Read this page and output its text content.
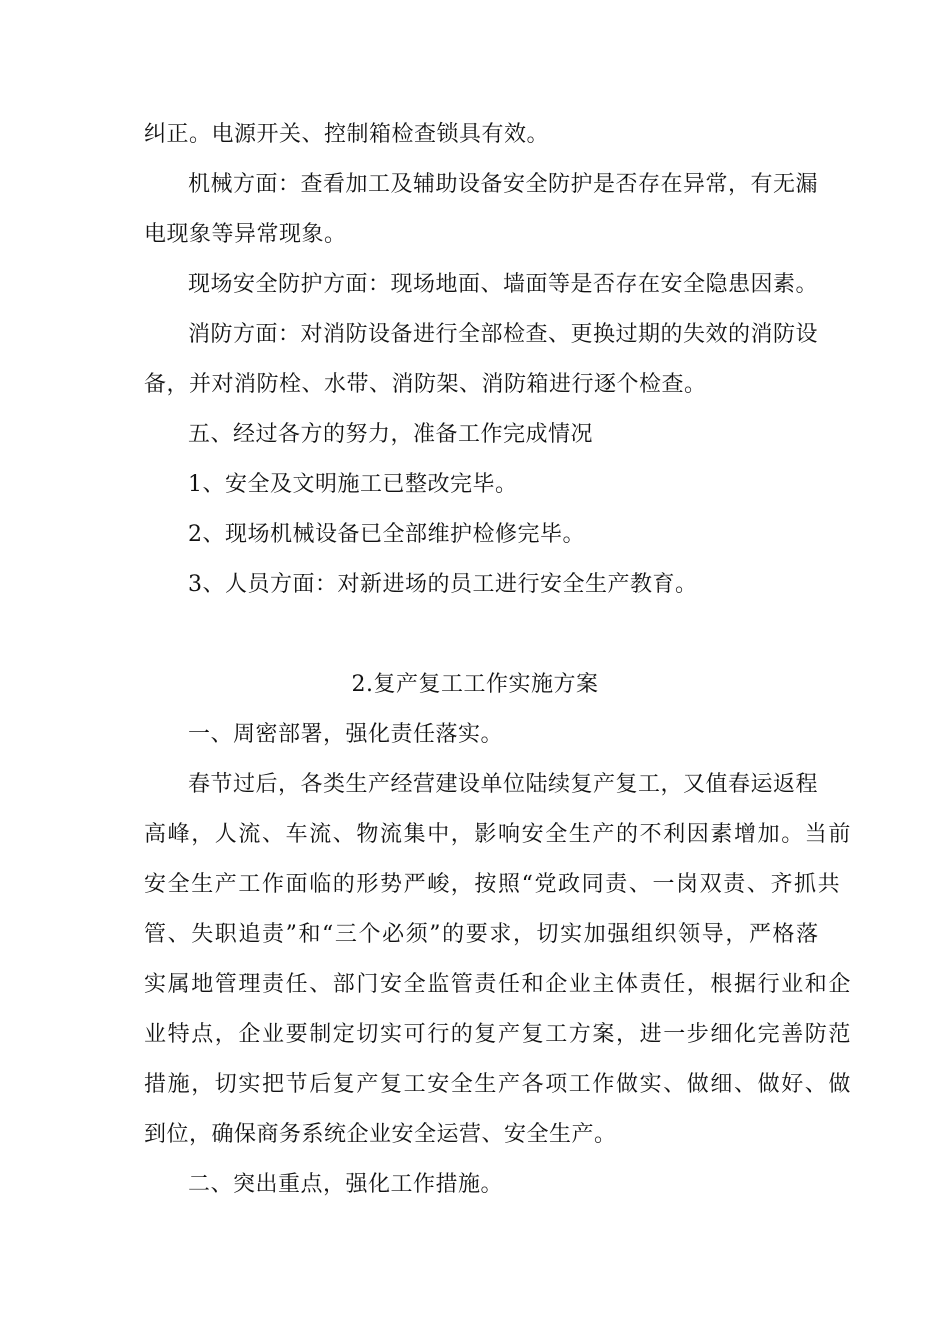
纠正。电源开关、控制箱检查锁具有效。
机械方面：查看加工及辅助设备安全防护是否存在异常，有无漏
电现象等异常现象。
现场安全防护方面：现场地面、墙面等是否存在安全隐患因素。
消防方面：对消防设备进行全部检查、更换过期的失效的消防设
备，并对消防栓、水带、消防架、消防箱进行逐个检查。
五、经过各方的努力，准备工作完成情况
1、安全及文明施工已整改完毕。
2、现场机械设备已全部维护检修完毕。
3、人员方面：对新进场的员工进行安全生产教育。
2.复产复工工作实施方案
一、周密部署，强化责任落实。
春节过后，各类生产经营建设单位陆续复产复工，又值春运返程
高峰，人流、车流、物流集中，影响安全生产的不利因素增加。当前
安全生产工作面临的形势严峻，按照“党政同责、一岗双责、齐抓共
管、失职追责”和“三个必须”的要求，切实加强组织领导，严格落
实属地管理责任、部门安全监管责任和企业主体责任，根据行业和企
业特点，企业要制定切实可行的复产复工方案，进一步细化完善防范
措施，切实把节后复产复工安全生产各项工作做实、做细、做好、做
到位，确保商务系统企业安全运营、安全生产。
二、突出重点，强化工作措施。
